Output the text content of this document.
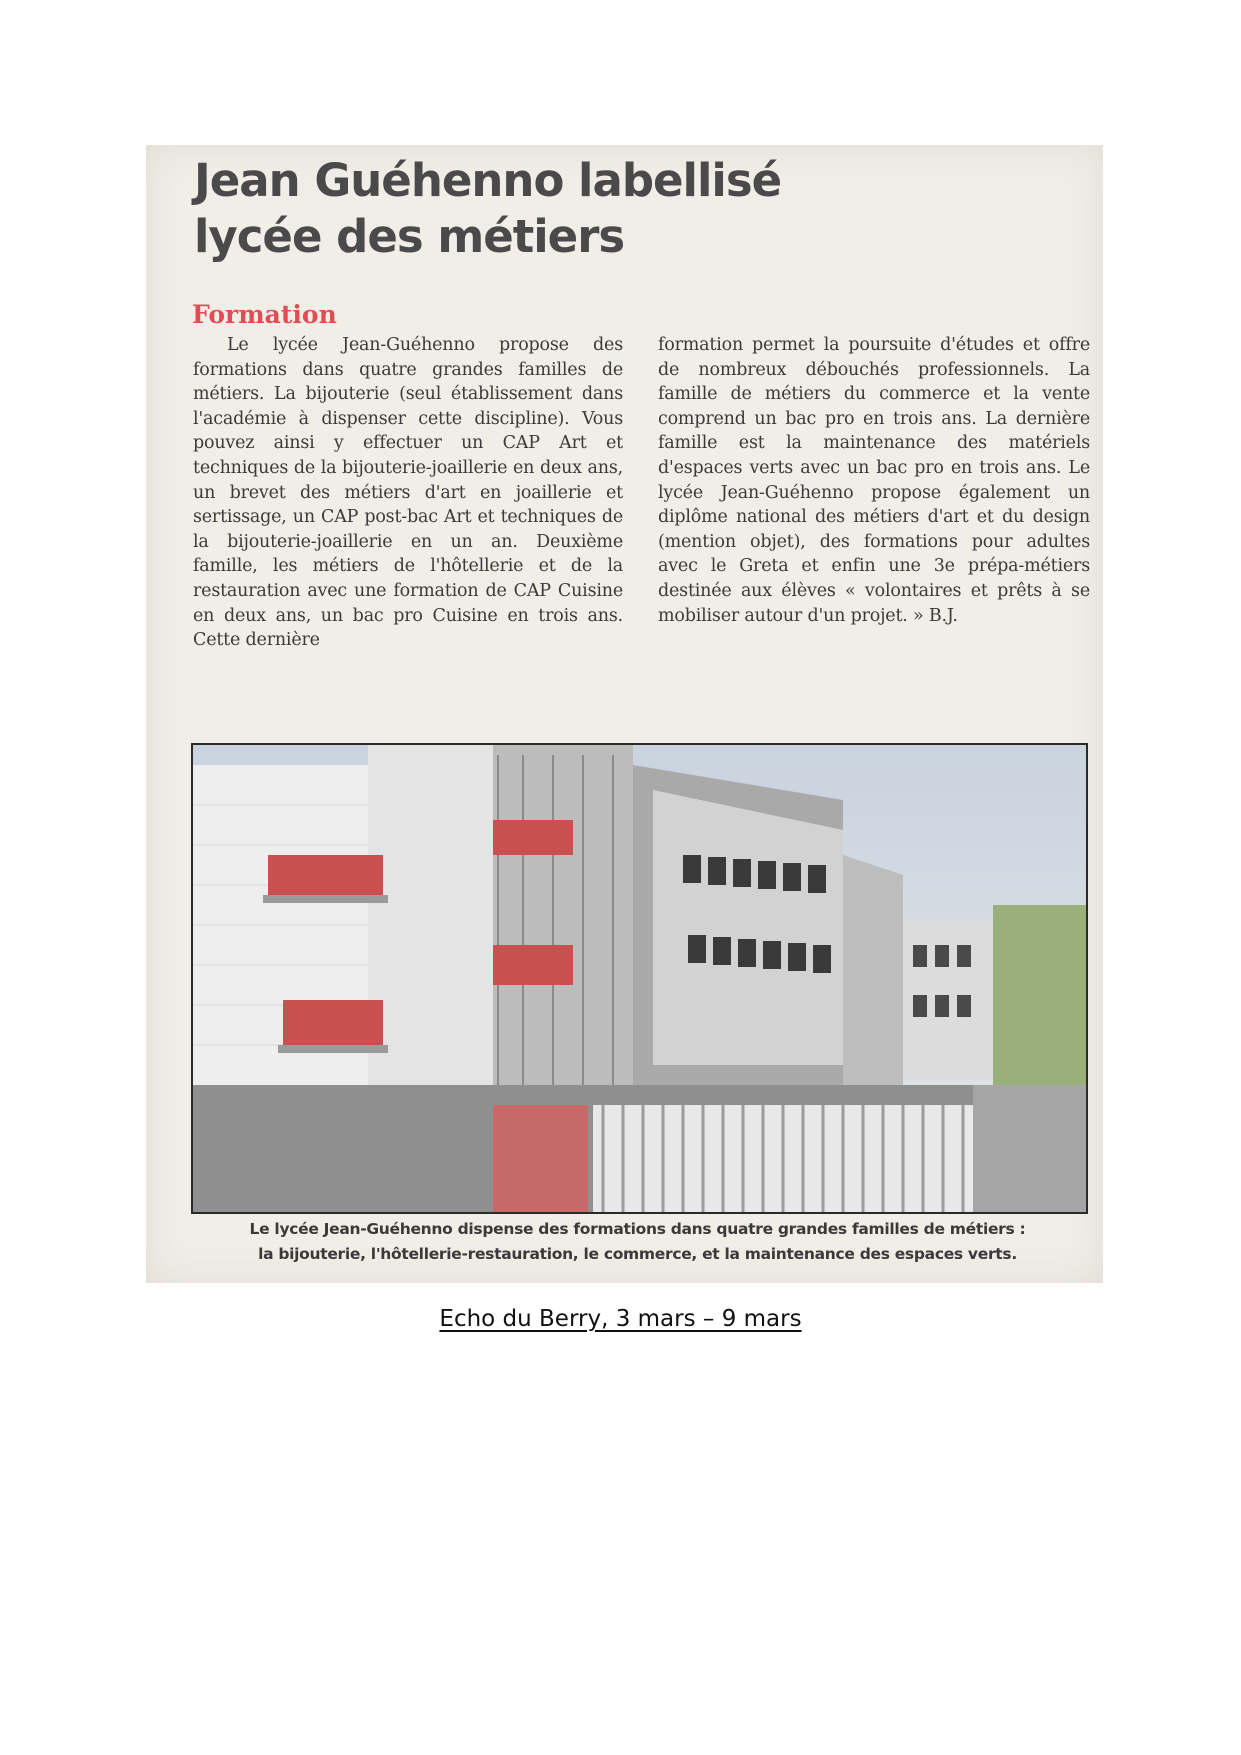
Jean Guéhenno labellisé
lycée des métiers
Formation

Le lycée Jean-Guéhenno propose des formations dans quatre grandes familles de métiers. La bijouterie (seul établissement dans l'académie à dispenser cette discipline). Vous pouvez ainsi y effectuer un CAP Art et techniques de la bijouterie-joaillerie en deux ans, un brevet des métiers d'art en joaillerie et sertissage, un CAP post-bac Art et techniques de la bijouterie-joaillerie en un an. Deuxième famille, les métiers de l'hôtellerie et de la restauration avec une formation de CAP Cuisine en deux ans, un bac pro Cuisine en trois ans. Cette dernière

formation permet la poursuite d'études et offre de nombreux débouchés professionnels. La famille de métiers du commerce et la vente comprend un bac pro en trois ans. La dernière famille est la maintenance des matériels d'espaces verts avec un bac pro en trois ans. Le lycée Jean-Guéhenno propose également un diplôme national des métiers d'art et du design (mention objet), des formations pour adultes avec le Greta et enfin une 3e prépa-métiers destinée aux élèves « volontaires et prêts à se mobiliser autour d'un projet. » B.J.

Le lycée Jean-Guéhenno dispense des formations dans quatre grandes familles de métiers :
la bijouterie, l'hôtellerie-restauration, le commerce, et la maintenance des espaces verts.

Echo du Berry, 3 mars – 9 mars
